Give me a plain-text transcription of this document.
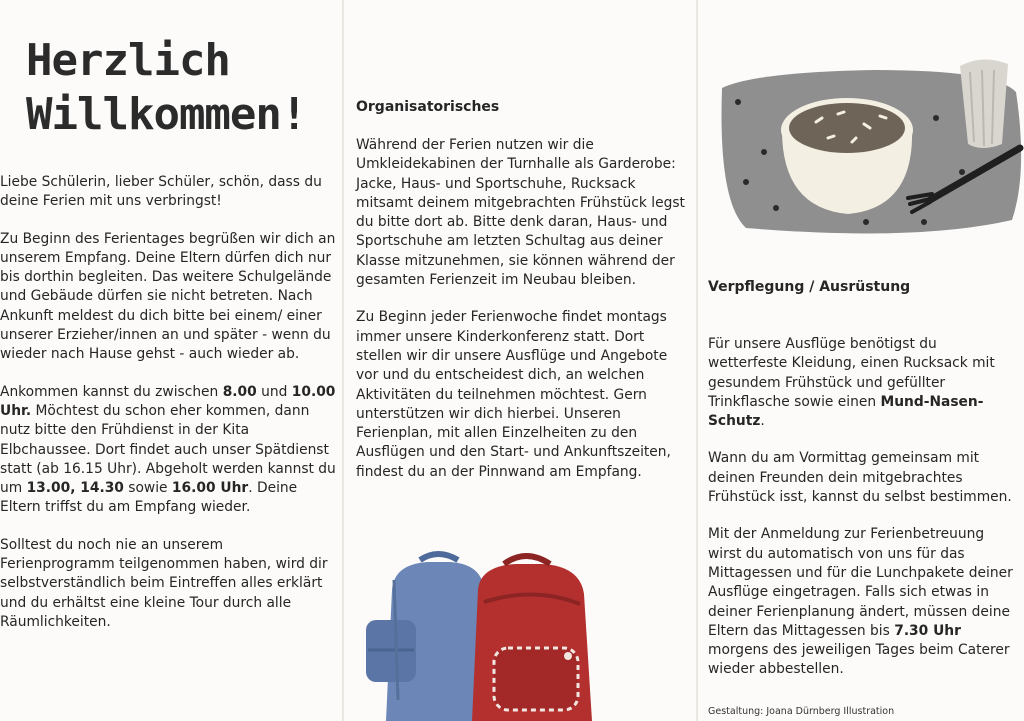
Herzlich
Willkommen!

Liebe Schülerin, lieber Schüler, schön, dass du deine Ferien mit uns verbringst!

Zu Beginn des Ferientages begrüßen wir dich an unserem Empfang. Deine Eltern dürfen dich nur bis dorthin begleiten. Das weitere Schulgelände und Gebäude dürfen sie nicht betreten. Nach Ankunft meldest du dich bitte bei einem/ einer unserer Erzieher/innen an und später - wenn du wieder nach Hause gehst - auch wieder ab.

Ankommen kannst du zwischen 8.00 und 10.00 Uhr. Möchtest du schon eher kommen, dann nutz bitte den Frühdienst in der Kita Elbchaussee. Dort findet auch unser Spätdienst statt (ab 16.15 Uhr). Abgeholt werden kannst du um 13.00, 14.30 sowie 16.00 Uhr. Deine Eltern triffst du am Empfang wieder.

Solltest du noch nie an unserem Ferienprogramm teilgenommen haben, wird dir selbstverständlich beim Eintreffen alles erklärt und du erhältst eine kleine Tour durch alle Räumlichkeiten.

Organisatorisches

Während der Ferien nutzen wir die Umkleidekabinen der Turnhalle als Garderobe: Jacke, Haus- und Sportschuhe, Rucksack mitsamt deinem mitgebrachten Frühstück legst du bitte dort ab. Bitte denk daran, Haus- und Sportschuhe am letzten Schultag aus deiner Klasse mitzunehmen, sie können während der gesamten Ferienzeit im Neubau bleiben.

Zu Beginn jeder Ferienwoche findet montags immer unsere Kinderkonferenz statt. Dort stellen wir dir unsere Ausflüge und Angebote vor und du entscheidest dich, an welchen Aktivitäten du teilnehmen möchtest. Gern unterstützen wir dich hierbei. Unseren Ferienplan, mit allen Einzelheiten zu den Ausflügen und den Start- und Ankunftszeiten, findest du an der Pinnwand am Empfang.

Verpflegung / Ausrüstung

Für unsere Ausflüge benötigst du wetterfeste Kleidung, einen Rucksack mit gesundem Frühstück und gefüllter Trinkflasche sowie einen Mund-Nasen-Schutz.

Wann du am Vormittag gemeinsam mit deinen Freunden dein mitgebrachtes Frühstück isst, kannst du selbst bestimmen.

Mit der Anmeldung zur Ferienbetreuung wirst du automatisch von uns für das Mittagessen und für die Lunchpakete deiner Ausflüge eingetragen. Falls sich etwas in deiner Ferienplanung ändert, müssen deine Eltern das Mittagessen bis 7.30 Uhr morgens des jeweiligen Tages beim Caterer wieder abbestellen.

Gestaltung: Joana Dürnberg Illustration
